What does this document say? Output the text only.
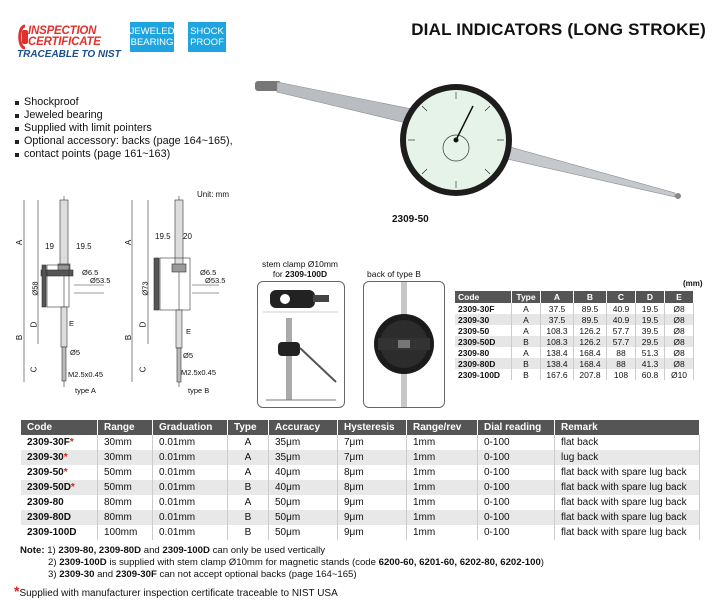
INSPECTION
CERTIFICATE
TRACEABLE TO NIST
JEWELED
BEARING
SHOCK
PROOF
DIAL INDICATORS (LONG STROKE)
Shockproof
Jeweled bearing
Supplied with limit pointers
Optional accessory: backs (page 164~165),
contact points (page 161~163)
2309-50
Unit: mm
A
B
D
C
19	19.5
Ø58
Ø6.5
Ø53.5
E
Ø5
M2.5x0.45
type A
A
B
D
C
19.5 20
Ø73
Ø6.5
Ø53.5
E
Ø5
M2.5x0.45
type B
stem clamp Ø10mm
for 2309-100D	back of type B
(mm)
Code	Type	A	B	C	D	E
2309-30F	A	37.5	89.5	40.9	19.5	Ø8
2309-30	A	37.5	89.5	40.9	19.5	Ø8
2309-50	A	108.3	126.2	57.7	39.5	Ø8
2309-50D	B	108.3	126.2	57.7	29.5	Ø8
2309-80	A	138.4	168.4	88	51.3	Ø8
2309-80D	B	138.4	168.4	88	41.3	Ø8
2309-100D	B	167.6	207.8	108	60.8	Ø10
Code	Range	Graduation	Type	Accuracy	Hysteresis	Range/rev	Dial reading	Remark
2309-30F*	30mm	0.01mm	A	35μm	7μm	1mm	0-100	flat back
2309-30*	30mm	0.01mm	A	35μm	7μm	1mm	0-100	lug back
2309-50*	50mm	0.01mm	A	40μm	8μm	1mm	0-100	flat back with spare lug back
2309-50D*	50mm	0.01mm	B	40μm	8μm	1mm	0-100	flat back with spare lug back
2309-80	80mm	0.01mm	A	50μm	9μm	1mm	0-100	flat back with spare lug back
2309-80D	80mm	0.01mm	B	50μm	9μm	1mm	0-100	flat back with spare lug back
2309-100D	100mm	0.01mm	B	50μm	9μm	1mm	0-100	flat back with spare lug back
Note: 1) 2309-80, 2309-80D and 2309-100D can only be used vertically
2) 2309-100D is supplied with stem clamp Ø10mm for magnetic stands (code 6200-60, 6201-60, 6202-80, 6202-100)
3) 2309-30 and 2309-30F can not accept optional backs (page 164~165)
*Supplied with manufacturer inspection certificate traceable to NIST USA
